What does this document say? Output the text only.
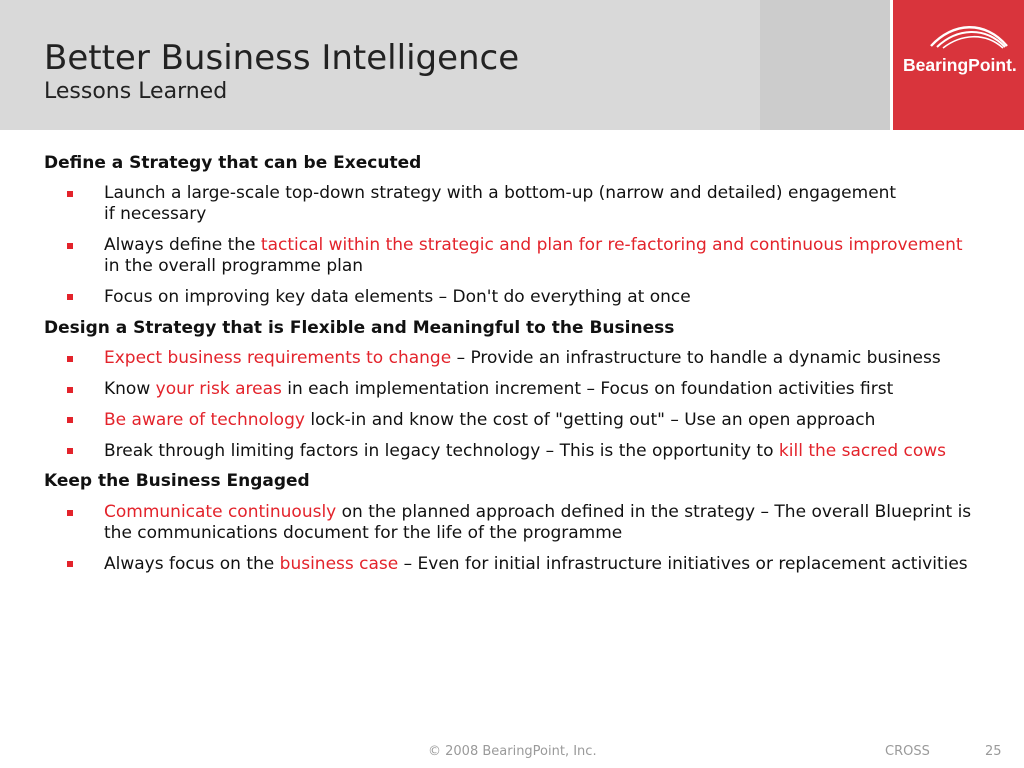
Better Business Intelligence
Lessons Learned
BearingPoint.
Define a Strategy that can be Executed
Launch a large-scale top-down strategy with a bottom-up (narrow and detailed) engagement
if necessary
Always define the tactical within the strategic and plan for re-factoring and continuous improvement
in the overall programme plan
Focus on improving key data elements – Don't do everything at once
Design a Strategy that is Flexible and Meaningful to the Business
Expect business requirements to change – Provide an infrastructure to handle a dynamic business
Know your risk areas in each implementation increment – Focus on foundation activities first
Be aware of technology lock-in and know the cost of "getting out" – Use an open approach
Break through limiting factors in legacy technology – This is the opportunity to kill the sacred cows
Keep the Business Engaged
Communicate continuously on the planned approach defined in the strategy – The overall Blueprint is
the communications document for the life of the programme
Always focus on the business case – Even for initial infrastructure initiatives or replacement activities
© 2008 BearingPoint, Inc.	CROSS	25
